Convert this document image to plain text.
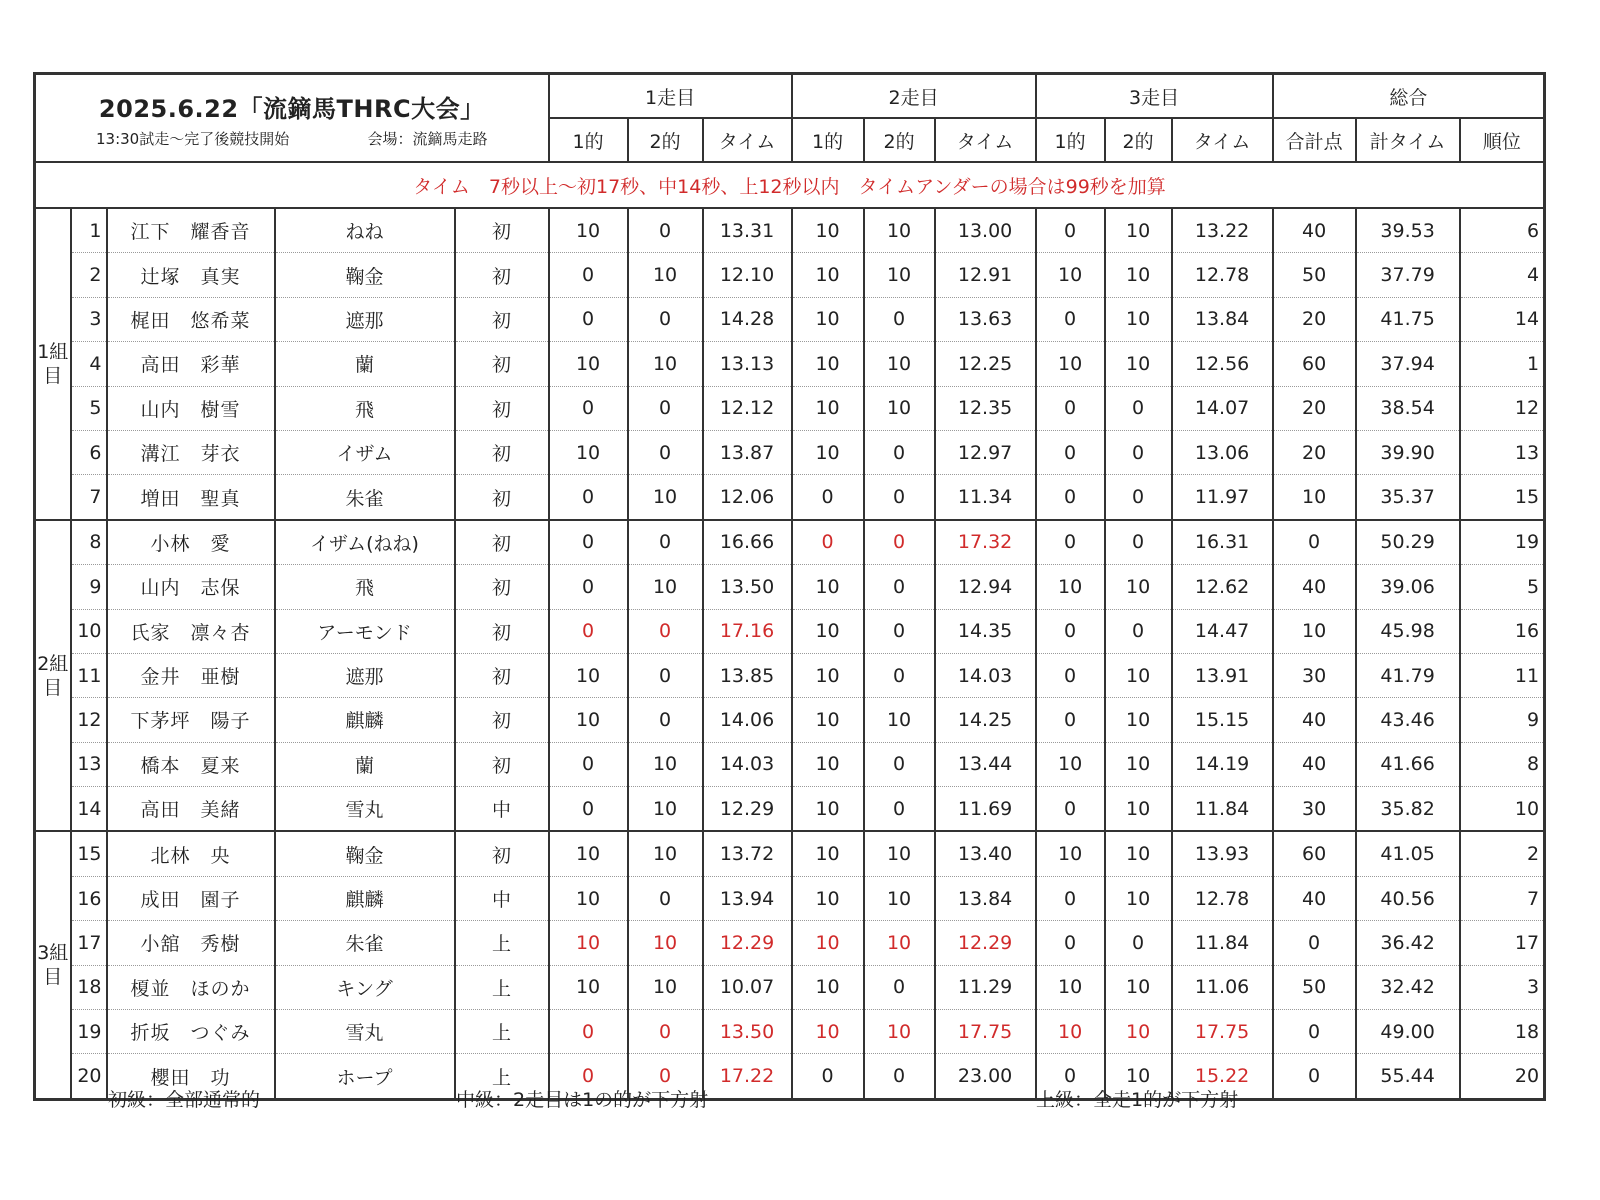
2025.6.22「流鏑馬THRC大会」
13:30試走～完了後競技開始 会場：流鏑馬走路					1走目			2走目			3走目			総合		
					1的	2的	タイム	1的	2的	タイム	1的	2的	タイム	合計点	計タイム	順位
タイム　7秒以上～初17秒、中14秒、上12秒以内　タイムアンダーの場合は99秒を加算																
1組目	1	江下　耀香音	ねね	初	10	0	13.31	10	10	13.00	0	10	13.22	40	39.53	6
	2	辻塚　真実	鞠金	初	0	10	12.10	10	10	12.91	10	10	12.78	50	37.79	4
	3	梶田　悠希菜	遮那	初	0	0	14.28	10	0	13.63	0	10	13.84	20	41.75	14
	4	高田　彩華	蘭	初	10	10	13.13	10	10	12.25	10	10	12.56	60	37.94	1
	5	山内　樹雪	飛	初	0	0	12.12	10	10	12.35	0	0	14.07	20	38.54	12
	6	溝江　芽衣	イザム	初	10	0	13.87	10	0	12.97	0	0	13.06	20	39.90	13
	7	増田　聖真	朱雀	初	0	10	12.06	0	0	11.34	0	0	11.97	10	35.37	15
2組目	8	小林　愛	イザム(ねね)	初	0	0	16.66	0	0	17.32	0	0	16.31	0	50.29	19
	9	山内　志保	飛	初	0	10	13.50	10	0	12.94	10	10	12.62	40	39.06	5
	10	氏家　凛々杏	アーモンド	初	0	0	17.16	10	0	14.35	0	0	14.47	10	45.98	16
	11	金井　亜樹	遮那	初	10	0	13.85	10	0	14.03	0	10	13.91	30	41.79	11
	12	下茅坪　陽子	麒麟	初	10	0	14.06	10	10	14.25	0	10	15.15	40	43.46	9
	13	橋本　夏来	蘭	初	0	10	14.03	10	0	13.44	10	10	14.19	40	41.66	8
	14	高田　美緒	雪丸	中	0	10	12.29	10	0	11.69	0	10	11.84	30	35.82	10
3組目	15	北林　央	鞠金	初	10	10	13.72	10	10	13.40	10	10	13.93	60	41.05	2
	16	成田　園子	麒麟	中	10	0	13.94	10	10	13.84	0	10	12.78	40	40.56	7
	17	小舘　秀樹	朱雀	上	10	10	12.29	10	10	12.29	0	0	11.84	0	36.42	17
	18	榎並　ほのか	キング	上	10	10	10.07	10	0	11.29	10	10	11.06	50	32.42	3
	19	折坂　つぐみ	雪丸	上	0	0	13.50	10	10	17.75	10	10	17.75	0	49.00	18
	20	櫻田　功	ホープ	上	0	0	17.22	0	0	23.00	0	10	15.22	0	55.44	20
初級：全部通常的	中級：2走目は1の的が下方射	上級：全走1的が下方射
